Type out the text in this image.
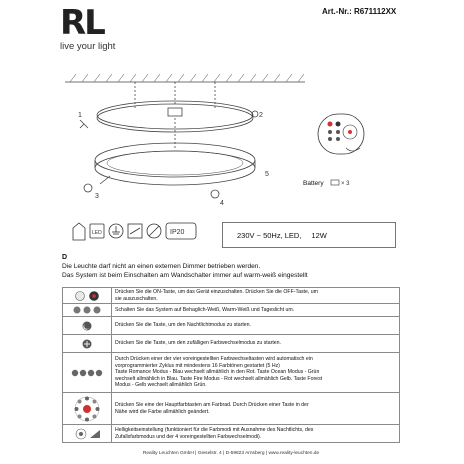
RL
live your light
Art.-Nr.: R671112XX
1	2
3
4
5
Battery	× 3
LED	IP20	230V ~ 50Hz, LED, 12W
D
Die Leuchte darf nicht an einen externen Dimmer betrieben werden.
Das System ist beim Einschalten am Wandschalter immer auf warm-weiß eingestellt

Drücken Sie die ON-Taste, um das Gerät einzuschalten. Drücken Sie die OFF-Taste, um
sie auszuschalten.

Schalten Sie das System auf Behaglich-Weiß, Warm-Weiß und Tageslicht um.

Drücken Sie die Taste, um den Nachtlichtmodus zu starten.

Drücken Sie die Taste, um den zufälligen Farbwechselmodus zu starten.

Durch Drücken einer der vier voreingestellten Farbwechseltasten wird automatisch ein
vorprogrammierter Zyklus mit mindestens 16 Farbtönen gestartet (5 Hz)
Taste Romance Modus - Blau wechselt allmählich in den Rot. Taste Ocean Modus - Grün
wechselt allmählich in Blau. Taste Fire Modus - Rot wechselt allmählich Gelb. Taste Forest
Modus - Gelb wechselt allmählich Grün.

Drücken Sie eine der Hauptfarbtasten am Farbrad. Durch Drücken einer Taste in der
Nähe wird die Farbe allmählich geändert.

Helligkeitseinstellung (funktioniert für die Farbmodi mit Ausnahme des Nachtlichts, des
Zufallsfarbmodus und der 4 voreingestellten Farbwechselmodi).
Reality Leuchten GmbH | Gieselstr. 4 | D-59823 Arnsberg | www.reality-leuchten.de
